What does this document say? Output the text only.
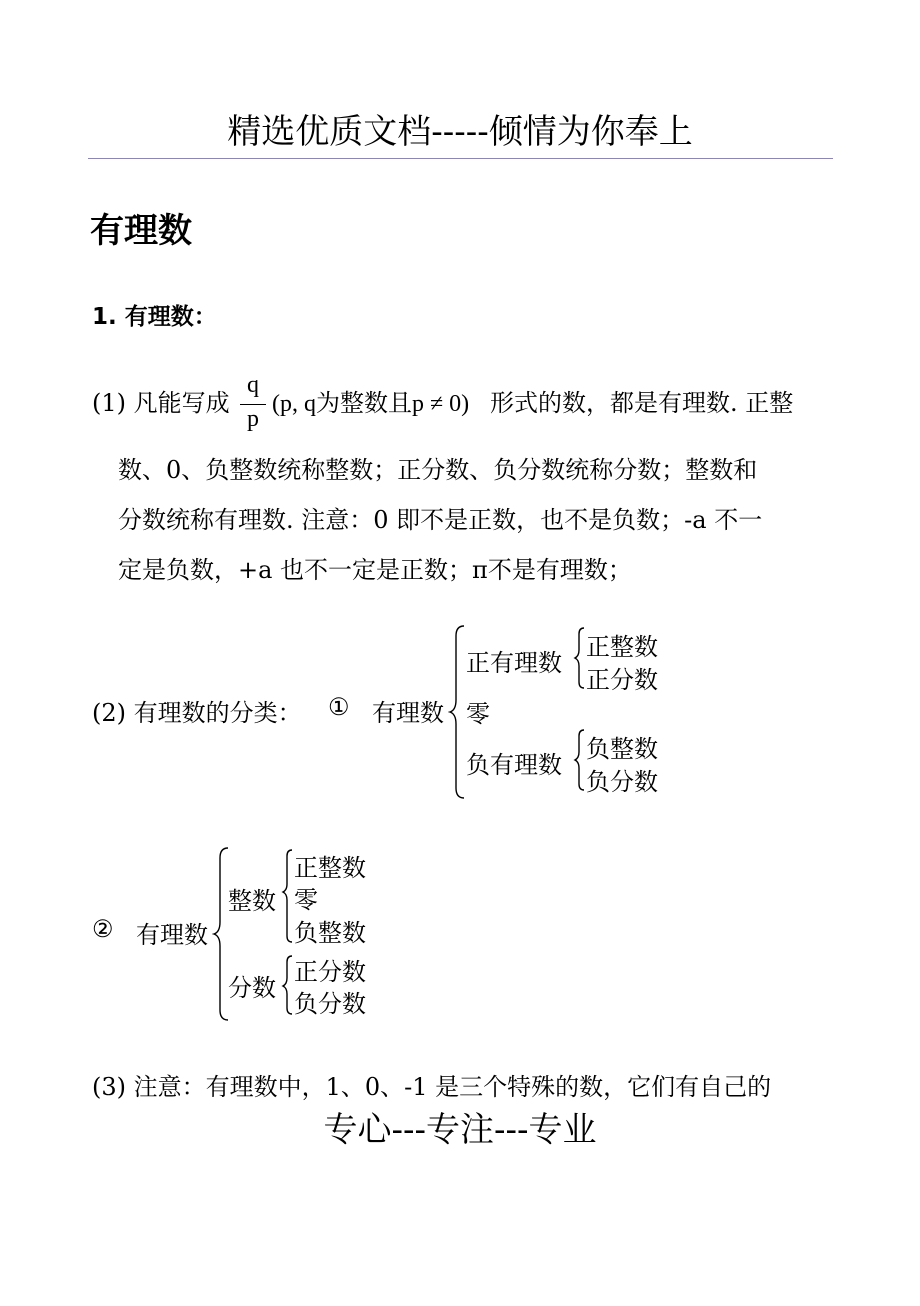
精选优质文档-----倾情为你奉上
有理数
1. 有理数：
(1) 凡能写成
q
p
(p, q为整数且p ≠ 0) 形式的数，都是有理数. 正整
数、0、负整数统称整数；正分数、负分数统称分数；整数和
分数统称有理数. 注意：0 即不是正数，也不是负数；-a 不一
定是负数，+a 也不一定是正数；π不是有理数；
(2) 有理数的分类： ① 有理数
正有理数
正整数
正分数
零
负有理数
负整数
负分数
② 有理数
整数
正整数
零
负整数
分数
正分数
负分数
(3) 注意：有理数中，1、0、-1 是三个特殊的数，它们有自己的
专心---专注---专业
